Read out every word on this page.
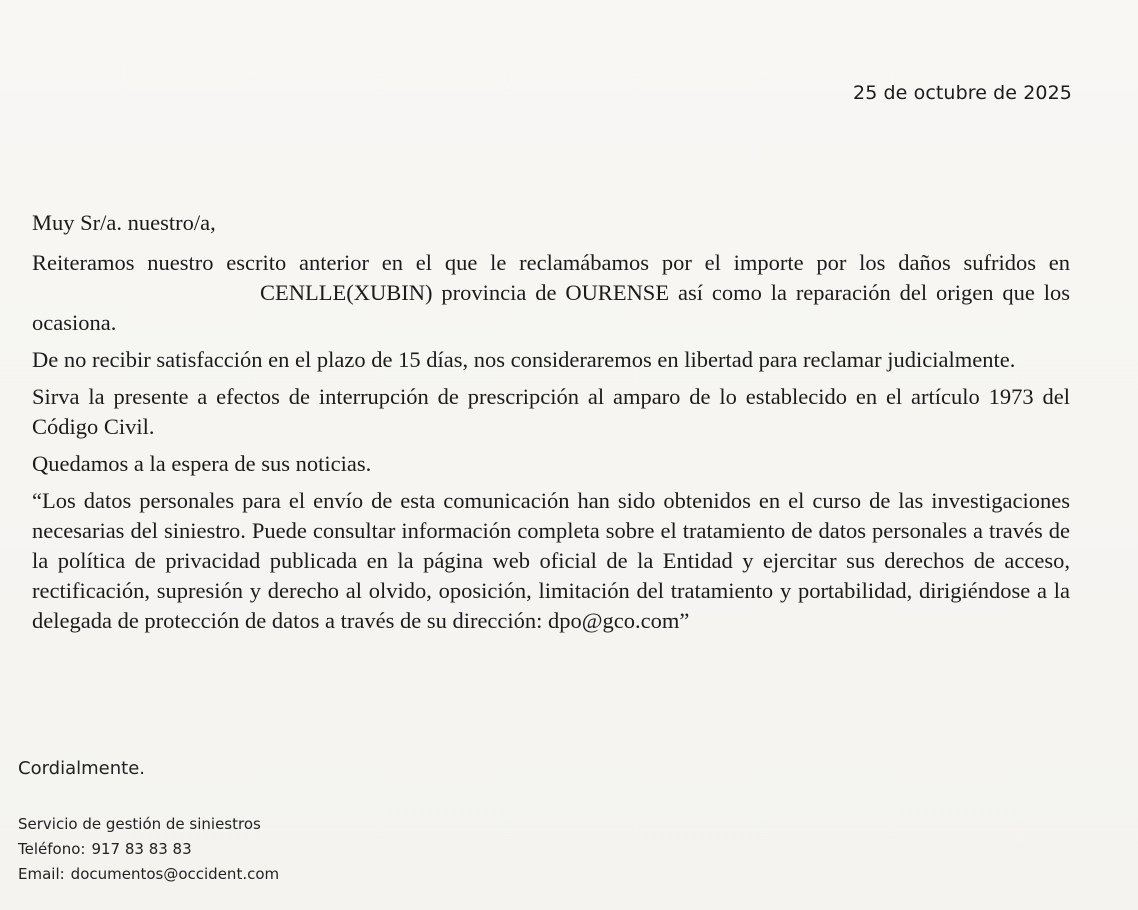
25 de octubre de 2025

Muy Sr/a. nuestro/a,

Reiteramos nuestro escrito anterior en el que le reclamábamos por el importe por los daños sufridos enCENLLE(XUBIN) provincia de OURENSE así como la reparación del origen que los ocasiona.

De no recibir satisfacción en el plazo de 15 días, nos consideraremos en libertad para reclamar judicialmente.

Sirva la presente a efectos de interrupción de prescripción al amparo de lo establecido en el artículo 1973 del Código Civil.

Quedamos a la espera de sus noticias.

“Los datos personales para el envío de esta comunicación han sido obtenidos en el curso de las investigaciones necesarias del siniestro. Puede consultar información completa sobre el tratamiento de datos personales a través de la política de privacidad publicada en la página web oficial de la Entidad y ejercitar sus derechos de acceso, rectificación, supresión y derecho al olvido, oposición, limitación del tratamiento y portabilidad, dirigiéndose a la delegada de protección de datos a través de su dirección: dpo@gco.com”

Cordialmente.

Servicio de gestión de siniestros

Teléfono: 917 83 83 83

Email: documentos@occident.com
